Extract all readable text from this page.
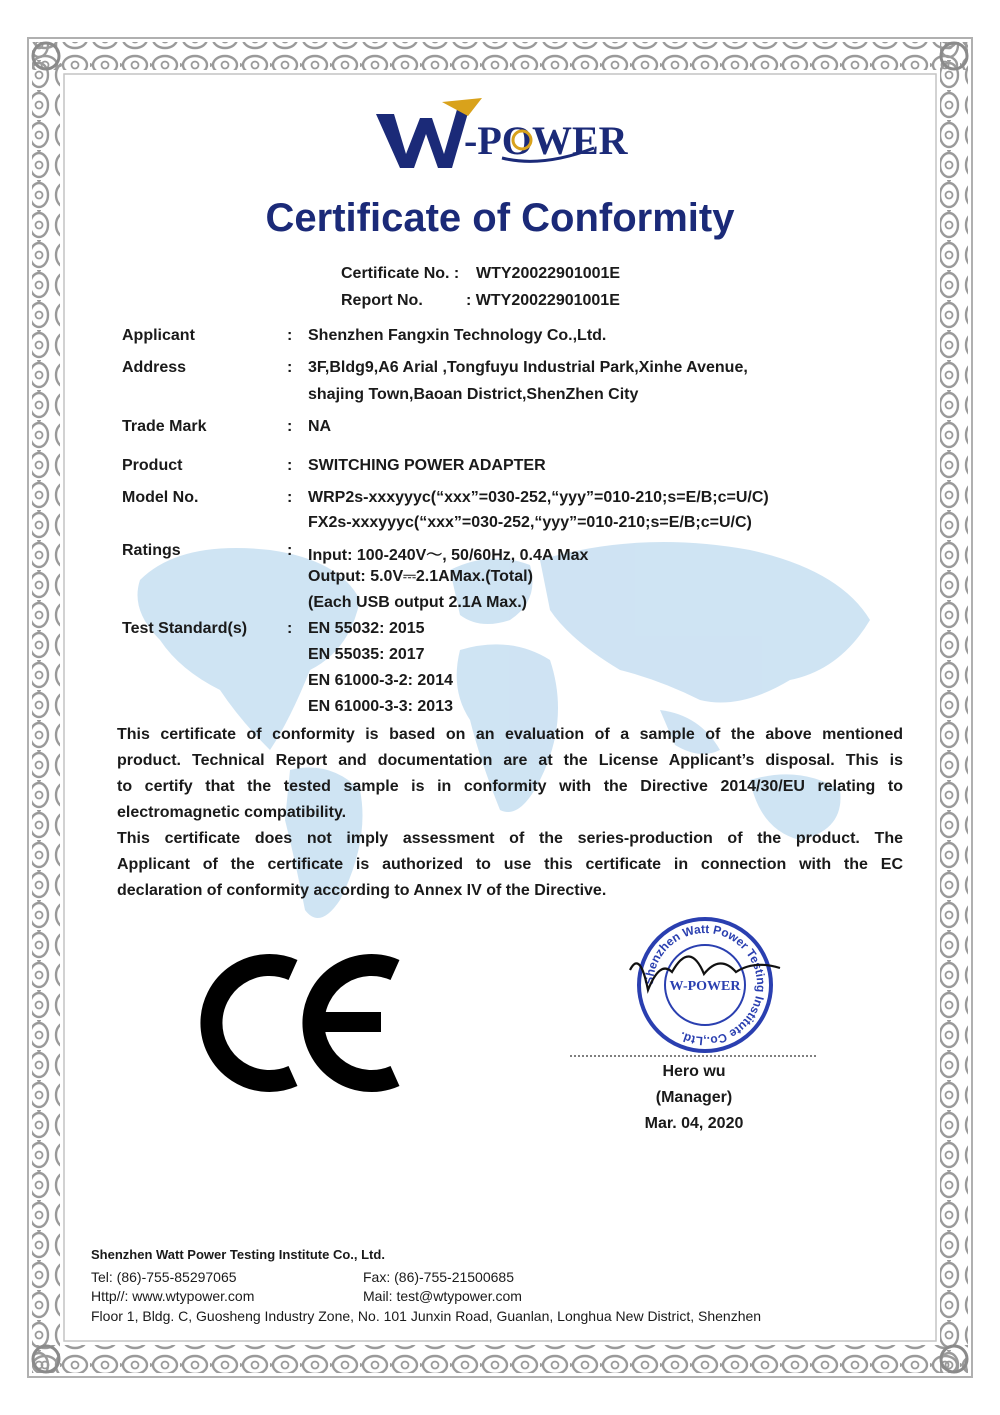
-PO WER
Certificate of Conformity
Certificate No. : WTY20022901001E
Report No.	: WTY20022901001E
Applicant	: Shenzhen Fangxin Technology Co.,Ltd.
Address	: 3F,Bldg9,A6 Arial ,Tongfuyu Industrial Park,Xinhe Avenue,
shajing Town,Baoan District,ShenZhen City
Trade Mark	: NA
Product	: SWITCHING POWER ADAPTER
Model No.	: WRP2s-xxxyyyc(“xxx”=030-252,“yyy”=010-210;s=E/B;c=U/C)
FX2s-xxxyyyc(“xxx”=030-252,“yyy”=010-210;s=E/B;c=U/C)
Ratings	: Input: 100-240V～, 50/60Hz, 0.4A Max
Output: 5.0V⎓2.1AMax.(Total)
(Each USB output 2.1A Max.)
Test Standard(s) : EN 55032: 2015
EN 55035: 2017
EN 61000-3-2: 2014
EN 61000-3-3: 2013
This certificate of conformity is based on an evaluation of a sample of the above mentioned
product. Technical Report and documentation are at the License Applicant’s disposal. This is
to certify that the tested sample is in conformity with the Directive 2014/30/EU relating to
electromagnetic compatibility.
This certificate does not imply assessment of the series-production of the product. The
Applicant of the certificate is authorized to use this certificate in connection with the EC
declaration of conformity according to Annex IV of the Directive.
Shenzhen Watt Power Testing Institute Co.,Ltd.
W-POWER
Hero wu
(Manager)
Mar. 04, 2020
Shenzhen Watt Power Testing Institute Co., Ltd.
Tel: (86)-755-85297065	Fax: (86)-755-21500685
Http//: www.wtypower.com	Mail: test@wtypower.com
Floor 1, Bldg. C, Guosheng Industry Zone, No. 101 Junxin Road, Guanlan, Longhua New District, Shenzhen
